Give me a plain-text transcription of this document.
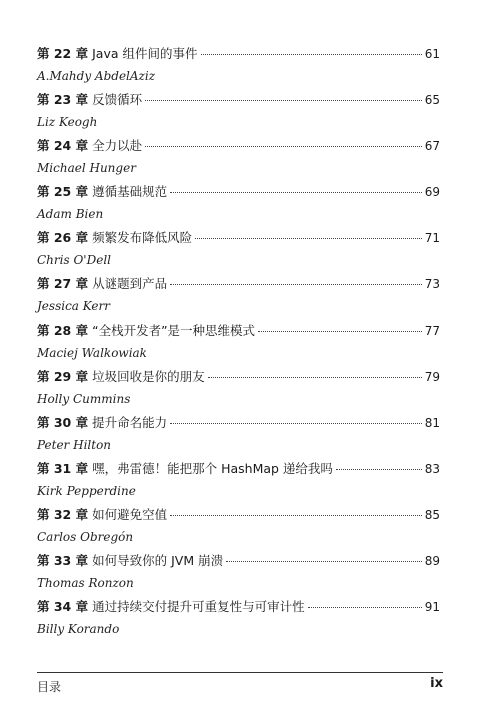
第 22 章 Java 组件间的事件	61
A.Mahdy AbdelAziz
第 23 章 反馈循环	65
Liz Keogh
第 24 章 全力以赴	67
Michael Hunger
第 25 章 遵循基础规范	69
Adam Bien
第 26 章 频繁发布降低风险	71
Chris O'Dell
第 27 章 从谜题到产品	73
Jessica Kerr
第 28 章 “全栈开发者”是一种思维模式	77
Maciej Walkowiak
第 29 章 垃圾回收是你的朋友	79
Holly Cummins
第 30 章 提升命名能力	81
Peter Hilton
第 31 章 嘿，弗雷德！能把那个 HashMap 递给我吗	83
Kirk Pepperdine
第 32 章 如何避免空值	85
Carlos Obregón
第 33 章 如何导致你的 JVM 崩溃	89
Thomas Ronzon
第 34 章 通过持续交付提升可重复性与可审计性	91
Billy Korando
目录	ix
